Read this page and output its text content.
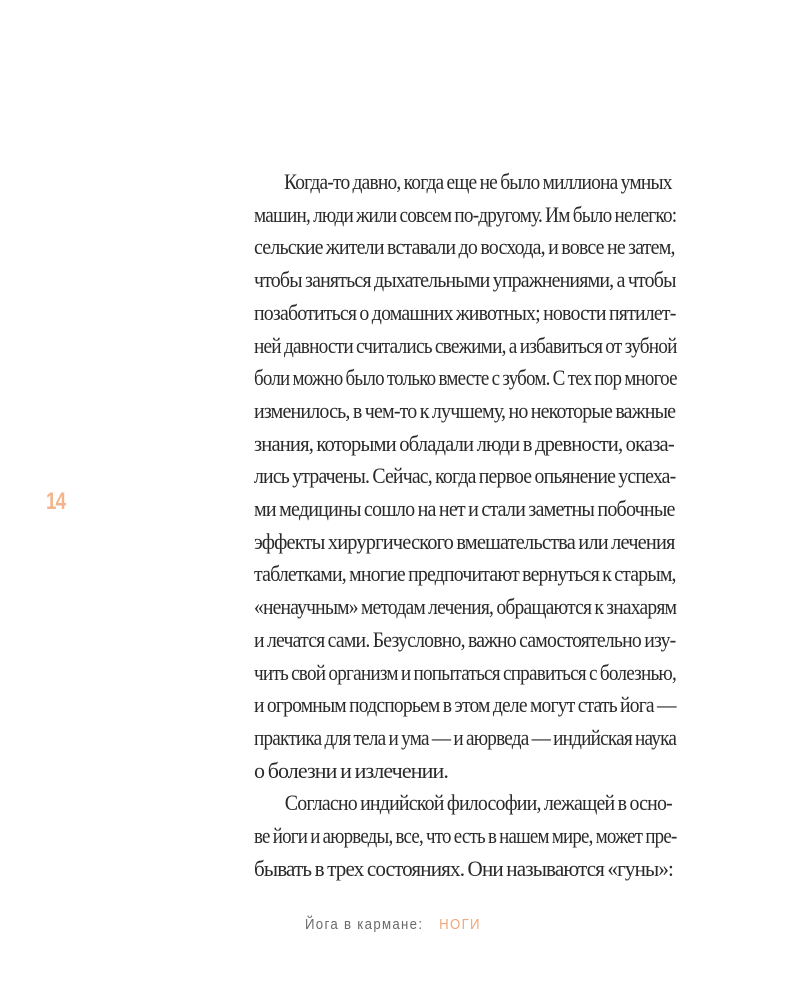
14

Когда-то давно, когда еще не было миллиона умных
машин, люди жили совсем по-другому. Им было нелегко:
сельские жители вставали до восхода, и вовсе не затем,
чтобы заняться дыхательными упражнениями, а чтобы
позаботиться о домашних животных; новости пятилет-
ней давности считались свежими, а избавиться от зубной
боли можно было только вместе с зубом. С тех пор многое
изменилось, в чем-то к лучшему, но некоторые важные
знания, которыми обладали люди в древности, оказа-
лись утрачены. Сейчас, когда первое опьянение успеха-
ми медицины сошло на нет и стали заметны побочные
эффекты хирургического вмешательства или лечения
таблетками, многие предпочитают вернуться к старым,
«ненаучным» методам лечения, обращаются к знахарям
и лечатся сами. Безусловно, важно самостоятельно изу-
чить свой организм и попытаться справиться с болезнью,
и огромным подспорьем в этом деле могут стать йога —
практика для тела и ума — и аюрведа — индийская наука
о болезни и излечении.

Согласно индийской философии, лежащей в осно-
ве йоги и аюрведы, все, что есть в нашем мире, может пре-
бывать в трех состояниях. Они называются «гуны»:

Йога в кармане: НОГИ
